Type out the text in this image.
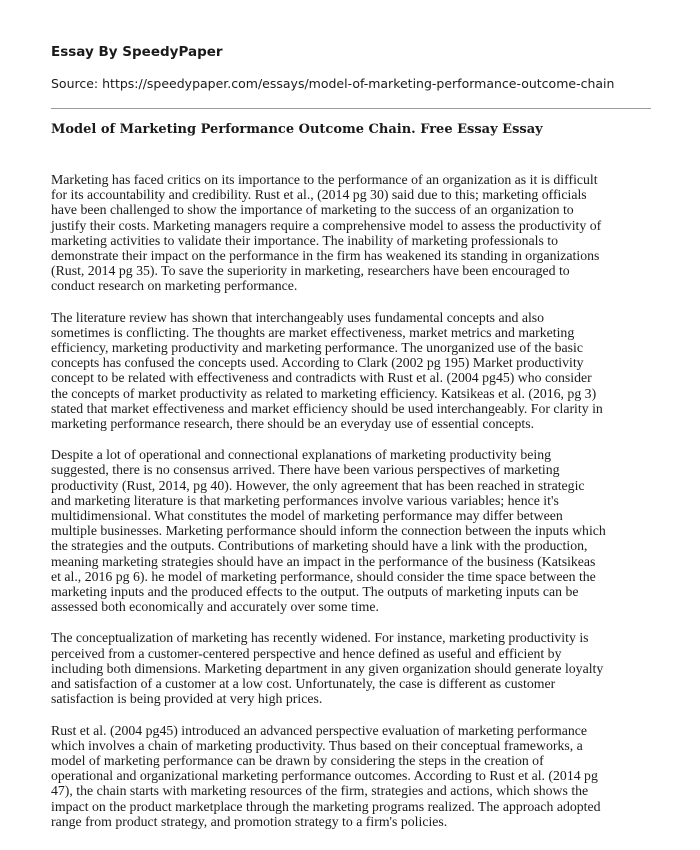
Essay By SpeedyPaper

Source: https://speedypaper.com/essays/model-of-marketing-performance-outcome-chain

Model of Marketing Performance Outcome Chain. Free Essay Essay

Marketing has faced critics on its importance to the performance of an organization as it is difficult
for its accountability and credibility. Rust et al., (2014 pg 30) said due to this; marketing officials
have been challenged to show the importance of marketing to the success of an organization to
justify their costs. Marketing managers require a comprehensive model to assess the productivity of
marketing activities to validate their importance. The inability of marketing professionals to
demonstrate their impact on the performance in the firm has weakened its standing in organizations
(Rust, 2014 pg 35). To save the superiority in marketing, researchers have been encouraged to
conduct research on marketing performance.

The literature review has shown that interchangeably uses fundamental concepts and also
sometimes is conflicting. The thoughts are market effectiveness, market metrics and marketing
efficiency, marketing productivity and marketing performance. The unorganized use of the basic
concepts has confused the concepts used. According to Clark (2002 pg 195) Market productivity
concept to be related with effectiveness and contradicts with Rust et al. (2004 pg45) who consider
the concepts of market productivity as related to marketing efficiency. Katsikeas et al. (2016, pg 3)
stated that market effectiveness and market efficiency should be used interchangeably. For clarity in
marketing performance research, there should be an everyday use of essential concepts.

Despite a lot of operational and connectional explanations of marketing productivity being
suggested, there is no consensus arrived. There have been various perspectives of marketing
productivity (Rust, 2014, pg 40). However, the only agreement that has been reached in strategic
and marketing literature is that marketing performances involve various variables; hence it's
multidimensional. What constitutes the model of marketing performance may differ between
multiple businesses. Marketing performance should inform the connection between the inputs which
the strategies and the outputs. Contributions of marketing should have a link with the production,
meaning marketing strategies should have an impact in the performance of the business (Katsikeas
et al., 2016 pg 6). he model of marketing performance, should consider the time space between the
marketing inputs and the produced effects to the output. The outputs of marketing inputs can be
assessed both economically and accurately over some time.

The conceptualization of marketing has recently widened. For instance, marketing productivity is
perceived from a customer-centered perspective and hence defined as useful and efficient by
including both dimensions. Marketing department in any given organization should generate loyalty
and satisfaction of a customer at a low cost. Unfortunately, the case is different as customer
satisfaction is being provided at very high prices.

Rust et al. (2004 pg45) introduced an advanced perspective evaluation of marketing performance
which involves a chain of marketing productivity. Thus based on their conceptual frameworks, a
model of marketing performance can be drawn by considering the steps in the creation of
operational and organizational marketing performance outcomes. According to Rust et al. (2014 pg
47), the chain starts with marketing resources of the firm, strategies and actions, which shows the
impact on the product marketplace through the marketing programs realized. The approach adopted
range from product strategy, and promotion strategy to a firm's policies.
